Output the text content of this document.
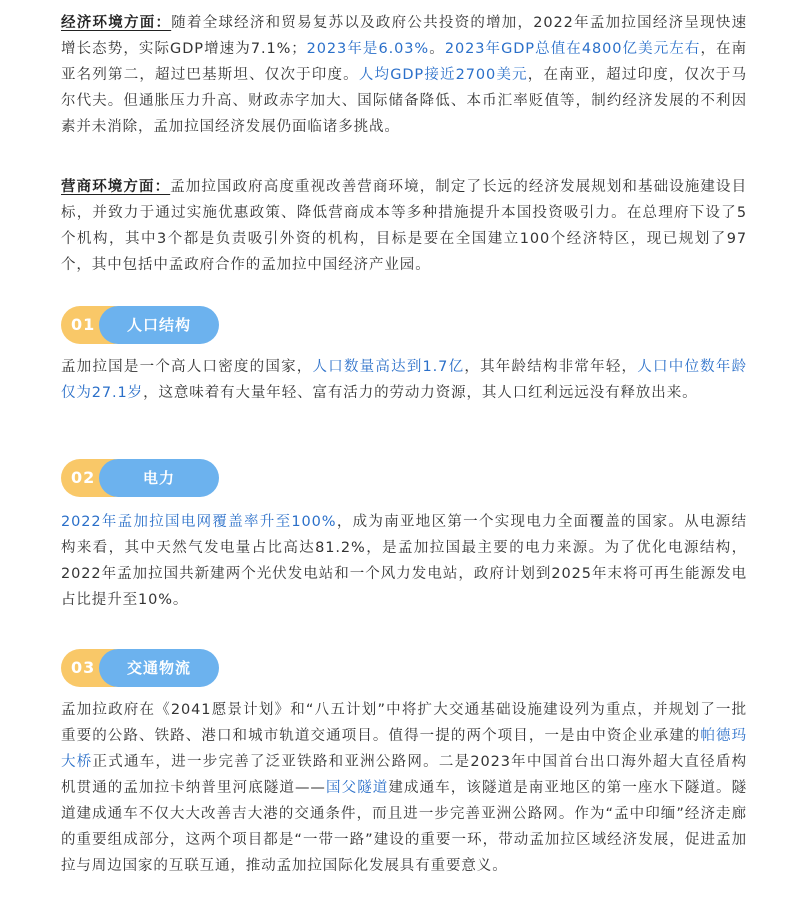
经济环境方面：随着全球经济和贸易复苏以及政府公共投资的增加，2022年孟加拉国经济呈现快速增长态势，实际GDP增速为7.1%；2023年是6.03%。2023年GDP总值在4800亿美元左右，在南亚名列第二，超过巴基斯坦、仅次于印度。人均GDP接近2700美元，在南亚，超过印度，仅次于马尔代夫。但通胀压力升高、财政赤字加大、国际储备降低、本币汇率贬值等，制约经济发展的不利因素并未消除，孟加拉国经济发展仍面临诸多挑战。

营商环境方面：孟加拉国政府高度重视改善营商环境，制定了长远的经济发展规划和基础设施建设目标，并致力于通过实施优惠政策、降低营商成本等多种措施提升本国投资吸引力。在总理府下设了5个机构，其中3个都是负责吸引外资的机构，目标是要在全国建立100个经济特区，现已规划了97个，其中包括中孟政府合作的孟加拉中国经济产业园。

01	人口结构

孟加拉国是一个高人口密度的国家，人口数量高达到1.7亿，其年龄结构非常年轻，人口中位数年龄仅为27.1岁，这意味着有大量年轻、富有活力的劳动力资源，其人口红利远远没有释放出来。

02	电力

2022年孟加拉国电网覆盖率升至100%，成为南亚地区第一个实现电力全面覆盖的国家。从电源结构来看，其中天然气发电量占比高达81.2%，是孟加拉国最主要的电力来源。为了优化电源结构，2022年孟加拉国共新建两个光伏发电站和一个风力发电站，政府计划到2025年末将可再生能源发电占比提升至10%。

03	交通物流

孟加拉政府在《2041愿景计划》和“八五计划”中将扩大交通基础设施建设列为重点，并规划了一批重要的公路、铁路、港口和城市轨道交通项目。值得一提的两个项目，一是由中资企业承建的帕德玛大桥正式通车，进一步完善了泛亚铁路和亚洲公路网。二是2023年中国首台出口海外超大直径盾构机贯通的孟加拉卡纳普里河底隧道——国父隧道建成通车，该隧道是南亚地区的第一座水下隧道。隧道建成通车不仅大大改善吉大港的交通条件，而且进一步完善亚洲公路网。作为“孟中印缅”经济走廊的重要组成部分，这两个项目都是“一带一路”建设的重要一环，带动孟加拉区域经济发展，促进孟加拉与周边国家的互联互通，推动孟加拉国际化发展具有重要意义。
